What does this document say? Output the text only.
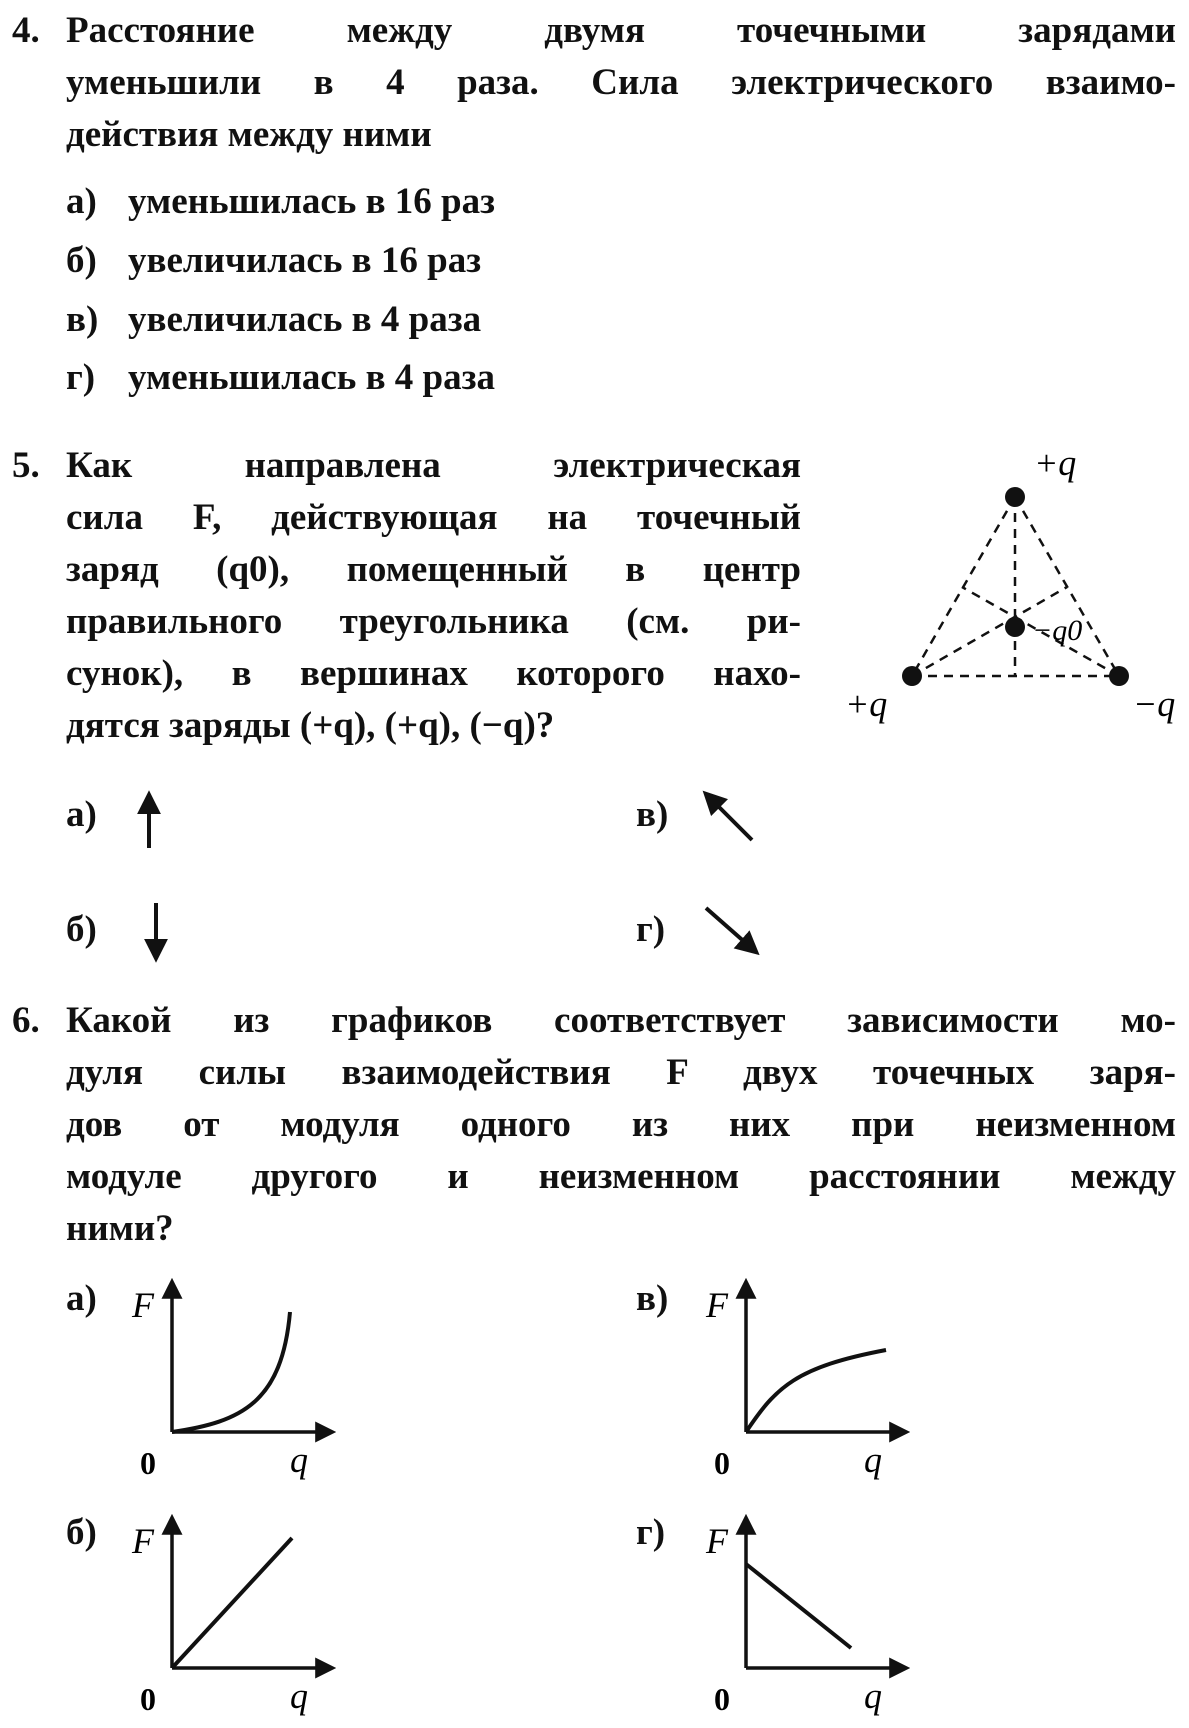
4. Расстояние между двумя точечными зарядами
уменьшили в 4 раза. Сила электрического взаимо-
действия между ними
а) уменьшилась в 16 раз
б) увеличилась в 16 раз
в) увеличилась в 4 раза
г) уменьшилась в 4 раза
5. Как направлена электрическая
сила F, действующая на точечный
заряд (q0), помещенный в центр
правильного треугольника (см. ри-
сунок), в вершинах которого нахо-
дятся заряды (+q), (+q), (−q)?
а)
б)
в)
г)
6. Какой из графиков соответствует зависимости мо-
дуля силы взаимодействия F двух точечных заря-
дов от модуля одного из них при неизменном
модуле другого и неизменном расстоянии между
ними?
а)	в)
б)	г)
+q
+q	−q
−q0
F
q
0
F
q
0
F
q
0
F
q
0
